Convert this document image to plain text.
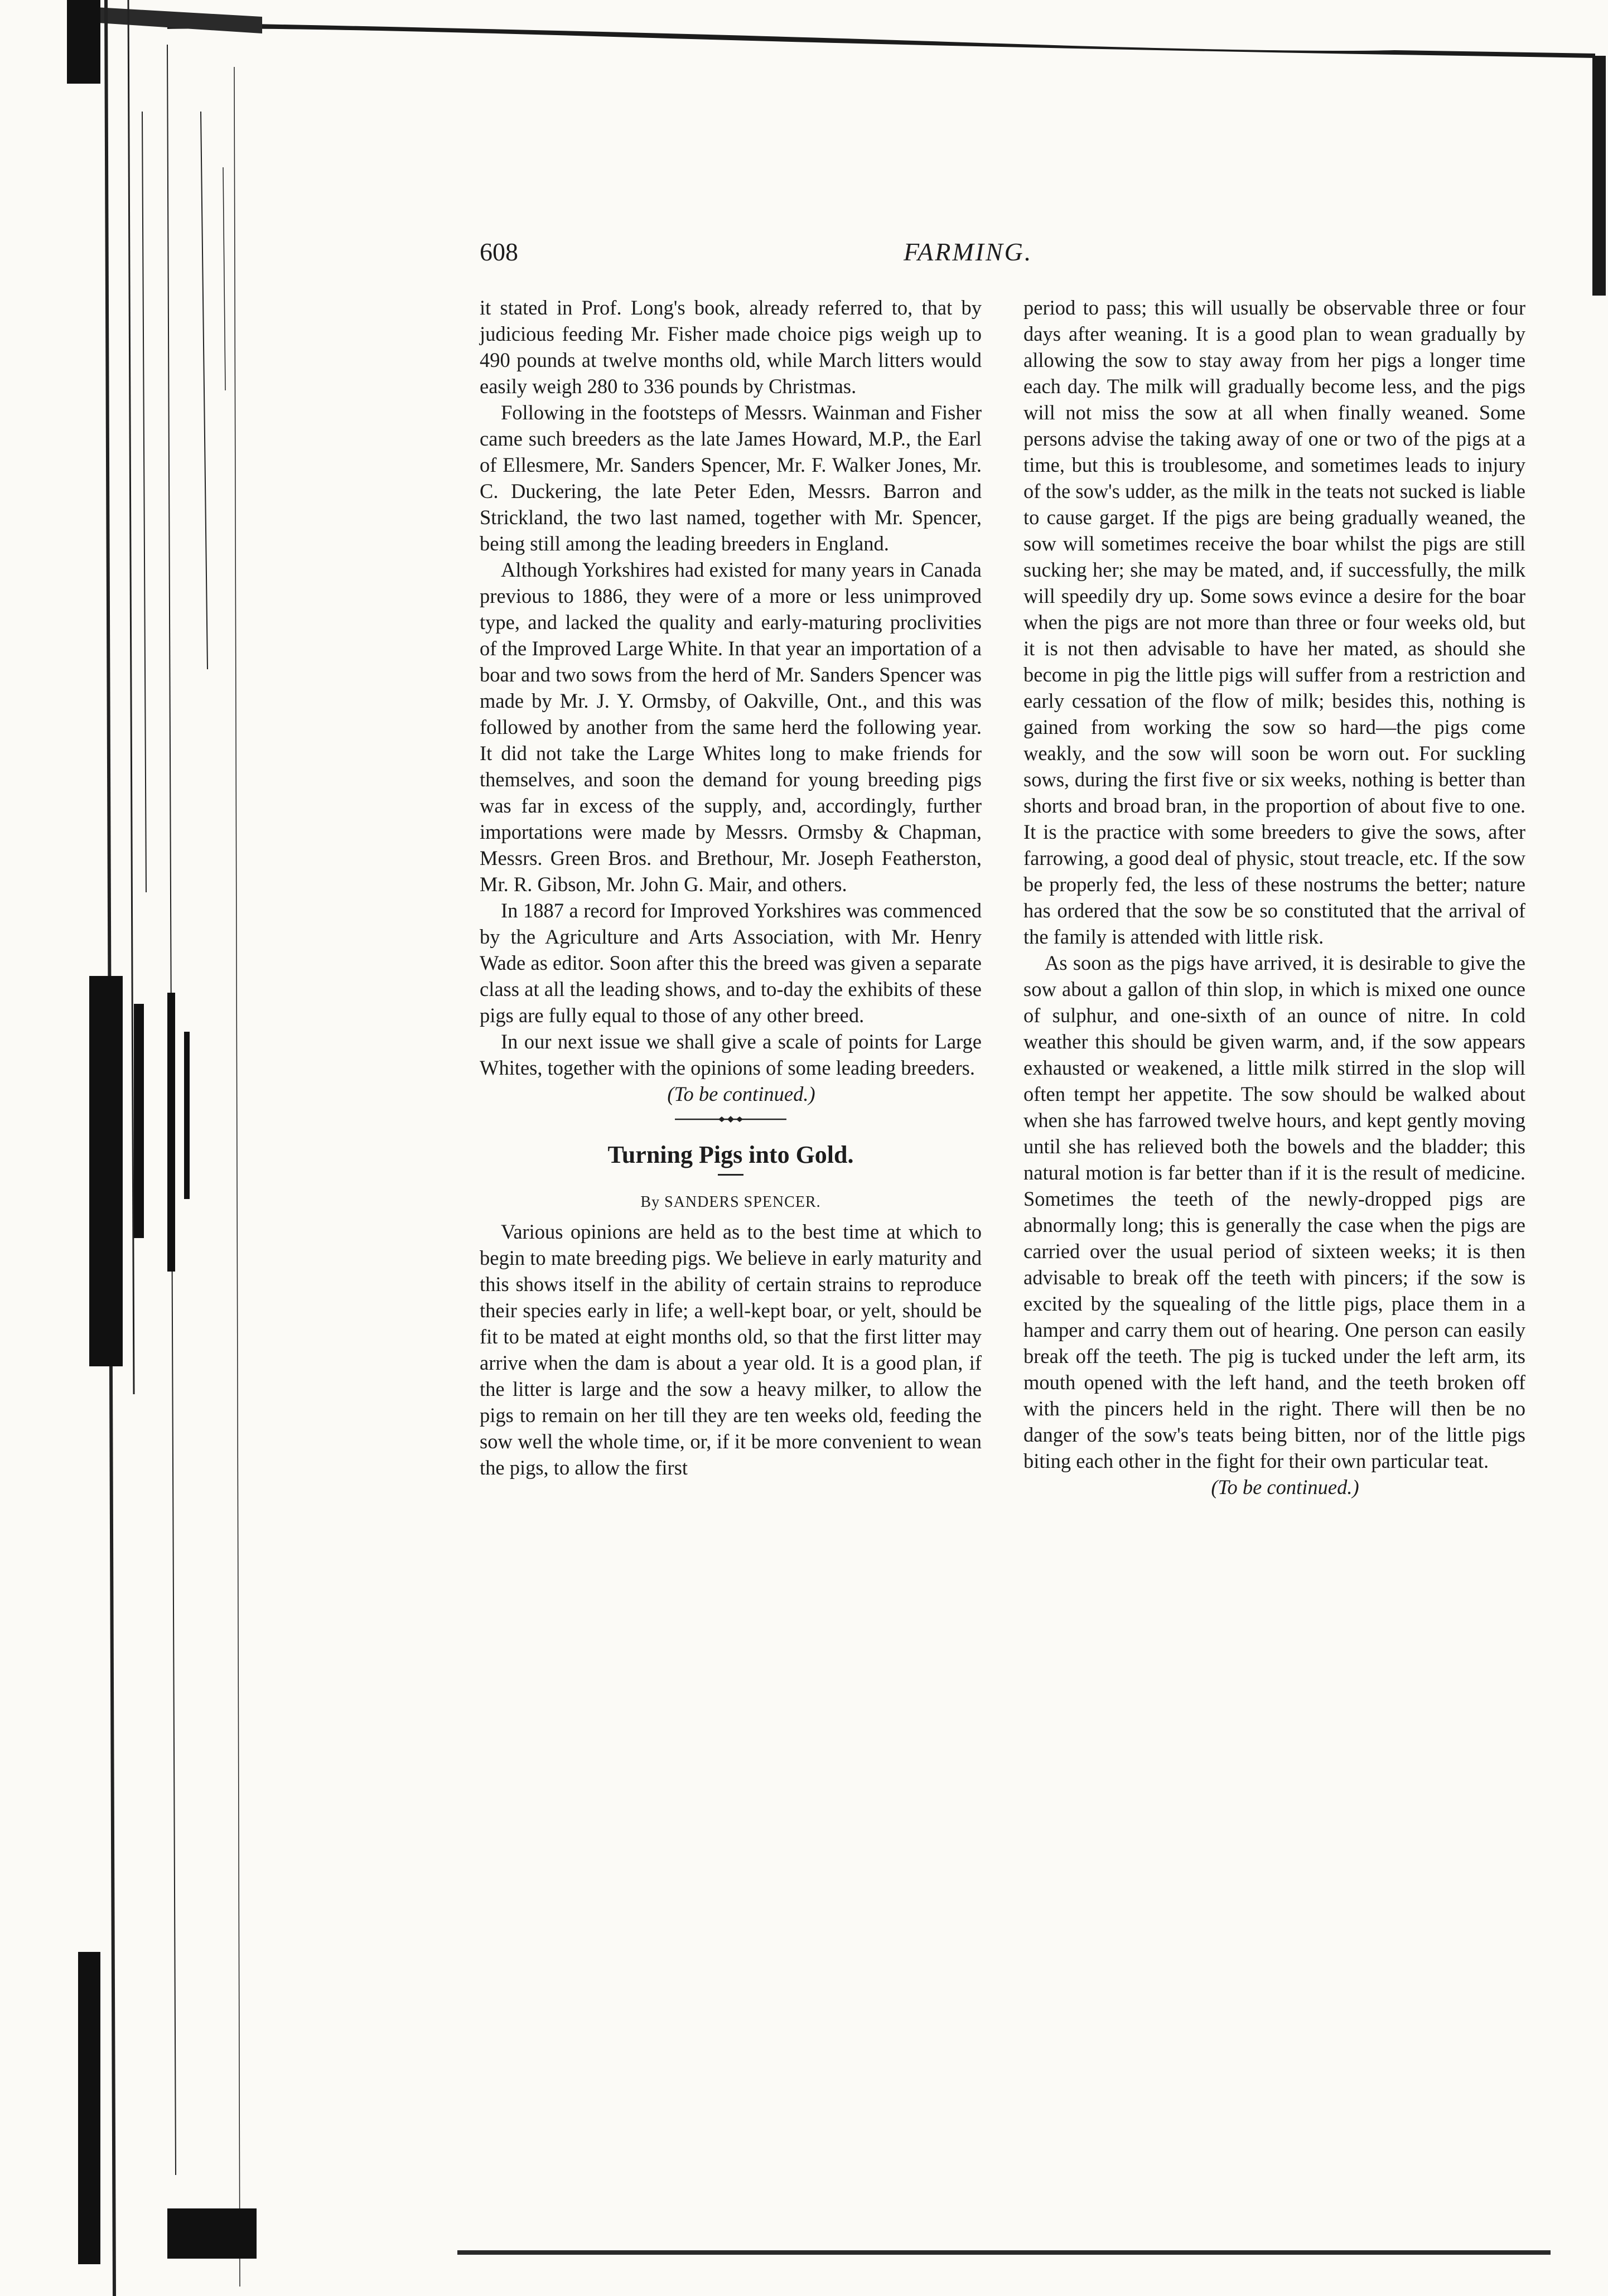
608	FARMING.

it stated in Prof. Long's book, already referred to, that by judicious feeding Mr. Fisher made choice pigs weigh up to 490 pounds at twelve months old, while March litters would easily weigh 280 to 336 pounds by Christmas.

Following in the footsteps of Messrs. Wainman and Fisher came such breeders as the late James Howard, M.P., the Earl of Ellesmere, Mr. Sanders Spencer, Mr. F. Walker Jones, Mr. C. Duckering, the late Peter Eden, Messrs. Barron and Strickland, the two last named, together with Mr. Spencer, being still among the leading breeders in England.

Although Yorkshires had existed for many years in Canada previous to 1886, they were of a more or less unimproved type, and lacked the quality and early-maturing proclivities of the Improved Large White. In that year an importation of a boar and two sows from the herd of Mr. Sanders Spencer was made by Mr. J. Y. Ormsby, of Oakville, Ont., and this was followed by another from the same herd the following year. It did not take the Large Whites long to make friends for themselves, and soon the demand for young breeding pigs was far in excess of the supply, and, accordingly, further importations were made by Messrs. Ormsby & Chapman, Messrs. Green Bros. and Brethour, Mr. Joseph Featherston, Mr. R. Gibson, Mr. John G. Mair, and others.

In 1887 a record for Improved Yorkshires was commenced by the Agriculture and Arts Association, with Mr. Henry Wade as editor. Soon after this the breed was given a separate class at all the leading shows, and to-day the exhibits of these pigs are fully equal to those of any other breed.

In our next issue we shall give a scale of points for Large Whites, together with the opinions of some leading breeders.

(To be continued.)

Turning Pigs into Gold.
By SANDERS SPENCER.

Various opinions are held as to the best time at which to begin to mate breeding pigs. We believe in early maturity and this shows itself in the ability of certain strains to reproduce their species early in life; a well-kept boar, or yelt, should be fit to be mated at eight months old, so that the first litter may arrive when the dam is about a year old. It is a good plan, if the litter is large and the sow a heavy milker, to allow the pigs to remain on her till they are ten weeks old, feeding the sow well the whole time, or, if it be more convenient to wean the pigs, to allow the first

period to pass; this will usually be observable three or four days after weaning. It is a good plan to wean gradually by allowing the sow to stay away from her pigs a longer time each day. The milk will gradually become less, and the pigs will not miss the sow at all when finally weaned. Some persons advise the taking away of one or two of the pigs at a time, but this is troublesome, and sometimes leads to injury of the sow's udder, as the milk in the teats not sucked is liable to cause garget. If the pigs are being gradually weaned, the sow will sometimes receive the boar whilst the pigs are still sucking her; she may be mated, and, if successfully, the milk will speedily dry up. Some sows evince a desire for the boar when the pigs are not more than three or four weeks old, but it is not then advisable to have her mated, as should she become in pig the little pigs will suffer from a restriction and early cessation of the flow of milk; besides this, nothing is gained from working the sow so hard—the pigs come weakly, and the sow will soon be worn out. For suckling sows, during the first five or six weeks, nothing is better than shorts and broad bran, in the proportion of about five to one. It is the practice with some breeders to give the sows, after farrowing, a good deal of physic, stout treacle, etc. If the sow be properly fed, the less of these nostrums the better; nature has ordered that the sow be so constituted that the arrival of the family is attended with little risk.

As soon as the pigs have arrived, it is desirable to give the sow about a gallon of thin slop, in which is mixed one ounce of sulphur, and one-sixth of an ounce of nitre. In cold weather this should be given warm, and, if the sow appears exhausted or weakened, a little milk stirred in the slop will often tempt her appetite. The sow should be walked about when she has farrowed twelve hours, and kept gently moving until she has relieved both the bowels and the bladder; this natural motion is far better than if it is the result of medicine. Sometimes the teeth of the newly-dropped pigs are abnormally long; this is generally the case when the pigs are carried over the usual period of sixteen weeks; it is then advisable to break off the teeth with pincers; if the sow is excited by the squealing of the little pigs, place them in a hamper and carry them out of hearing. One person can easily break off the teeth. The pig is tucked under the left arm, its mouth opened with the left hand, and the teeth broken off with the pincers held in the right. There will then be no danger of the sow's teats being bitten, nor of the little pigs biting each other in the fight for their own particular teat.

(To be continued.)
